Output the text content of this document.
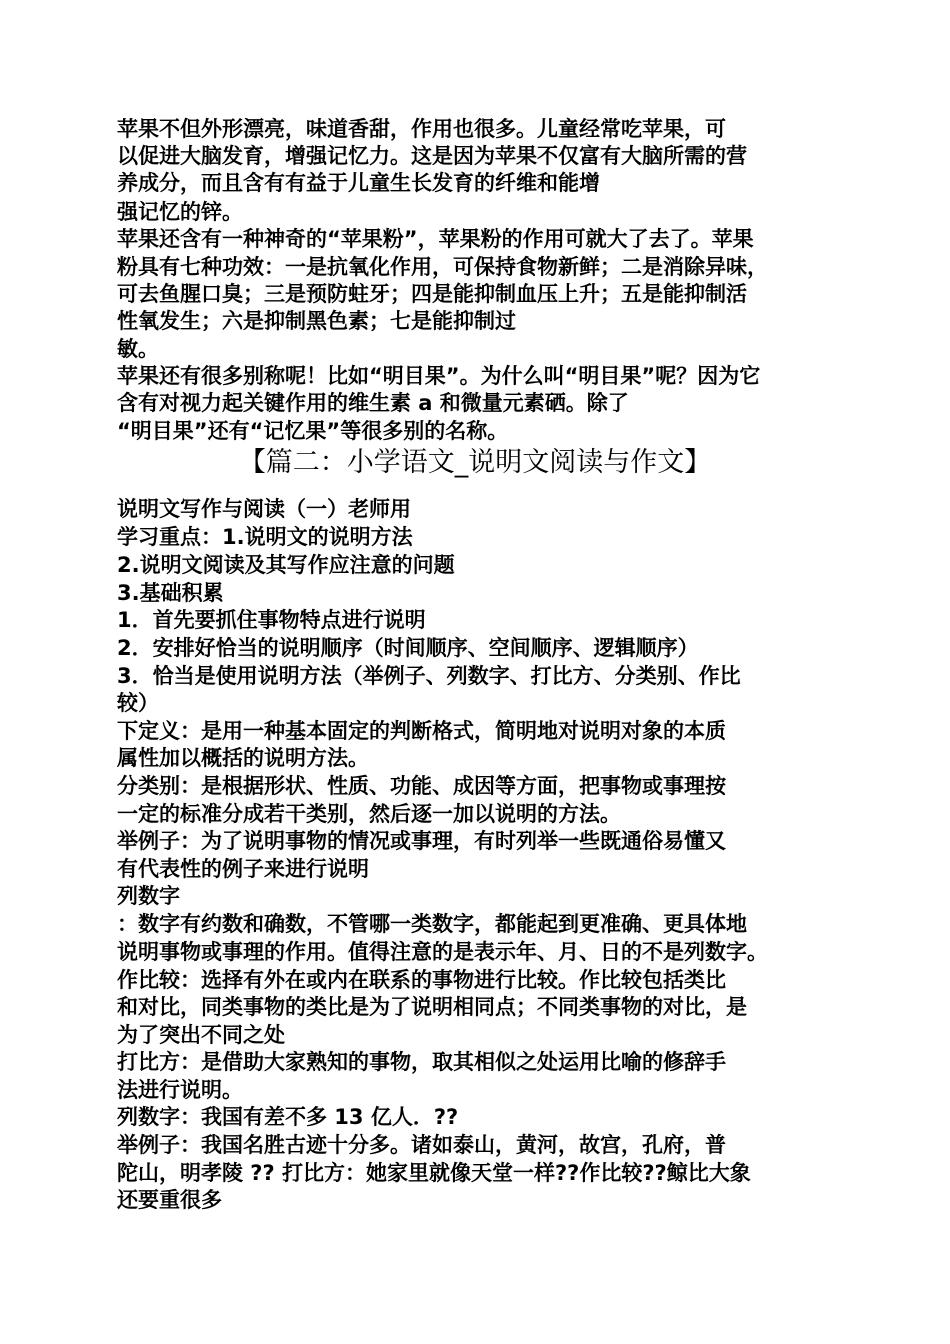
苹果不但外形漂亮，味道香甜，作用也很多。儿童经常吃苹果，可
以促进大脑发育，增强记忆力。这是因为苹果不仅富有大脑所需的营
养成分，而且含有有益于儿童生长发育的纤维和能增
强记忆的锌。
苹果还含有一种神奇的“苹果粉”，苹果粉的作用可就大了去了。苹果
粉具有七种功效：一是抗氧化作用，可保持食物新鲜；二是消除异味，
可去鱼腥口臭；三是预防蛀牙；四是能抑制血压上升；五是能抑制活
性氧发生；六是抑制黑色素；七是能抑制过
敏。
苹果还有很多别称呢！比如“明目果”。为什么叫“明目果”呢？因为它
含有对视力起关键作用的维生素 a 和微量元素硒。除了
“明目果”还有“记忆果”等很多别的名称。
【篇二：小学语文_说明文阅读与作文】
说明文写作与阅读（一）老师用
学习重点：1.说明文的说明方法
2.说明文阅读及其写作应注意的问题
3.基础积累
1．首先要抓住事物特点进行说明
2．安排好恰当的说明顺序（时间顺序、空间顺序、逻辑顺序）
3．恰当是使用说明方法（举例子、列数字、打比方、分类别、作比
较）
下定义：是用一种基本固定的判断格式，简明地对说明对象的本质
属性加以概括的说明方法。
分类别：是根据形状、性质、功能、成因等方面，把事物或事理按
一定的标准分成若干类别，然后逐一加以说明的方法。
举例子：为了说明事物的情况或事理，有时列举一些既通俗易懂又
有代表性的例子来进行说明
列数字
：数字有约数和确数，不管哪一类数字，都能起到更准确、更具体地
说明事物或事理的作用。值得注意的是表示年、月、日的不是列数字。
作比较：选择有外在或内在联系的事物进行比较。作比较包括类比
和对比，同类事物的类比是为了说明相同点；不同类事物的对比，是
为了突出不同之处
打比方：是借助大家熟知的事物，取其相似之处运用比喻的修辞手
法进行说明。
列数字：我国有差不多 13 亿人．??
举例子：我国名胜古迹十分多。诸如泰山，黄河，故宫，孔府，普
陀山，明孝陵 ?? 打比方：她家里就像天堂一样??作比较??鲸比大象
还要重很多
